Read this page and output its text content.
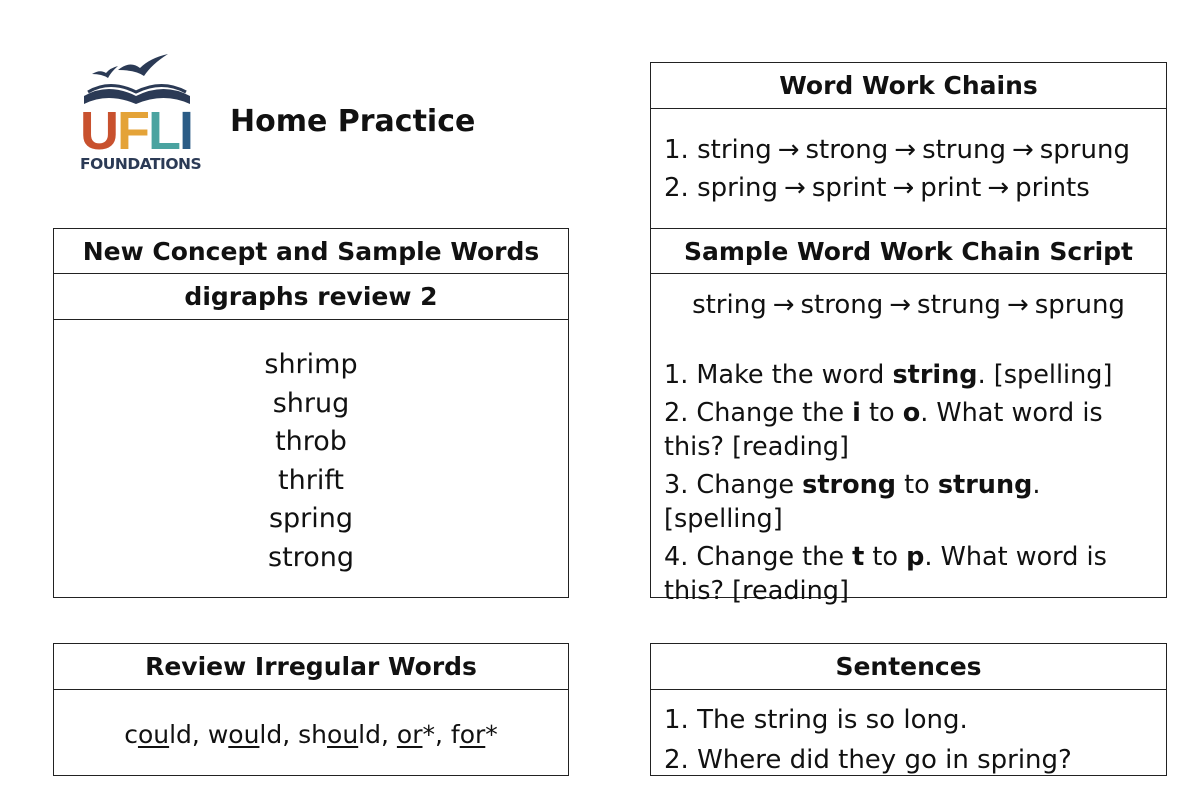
UFLI
FOUNDATIONS
Home Practice
New Concept and Sample Words
digraphs review 2
shrimp
shrug
throb
thrift
spring
strong
Review Irregular Words
could, would, should, or*, for*
Word Work Chains
1. string → strong → strung → sprung
2. spring → sprint → print → prints
Sample Word Work Chain Script
string → strong → strung → sprung
1. Make the word string. [spelling]
2. Change the i to o. What word is this? [reading]
3. Change strong to strung. [spelling]
4. Change the t to p. What word is this? [reading]
Sentences
1. The string is so long.
2. Where did they go in spring?
